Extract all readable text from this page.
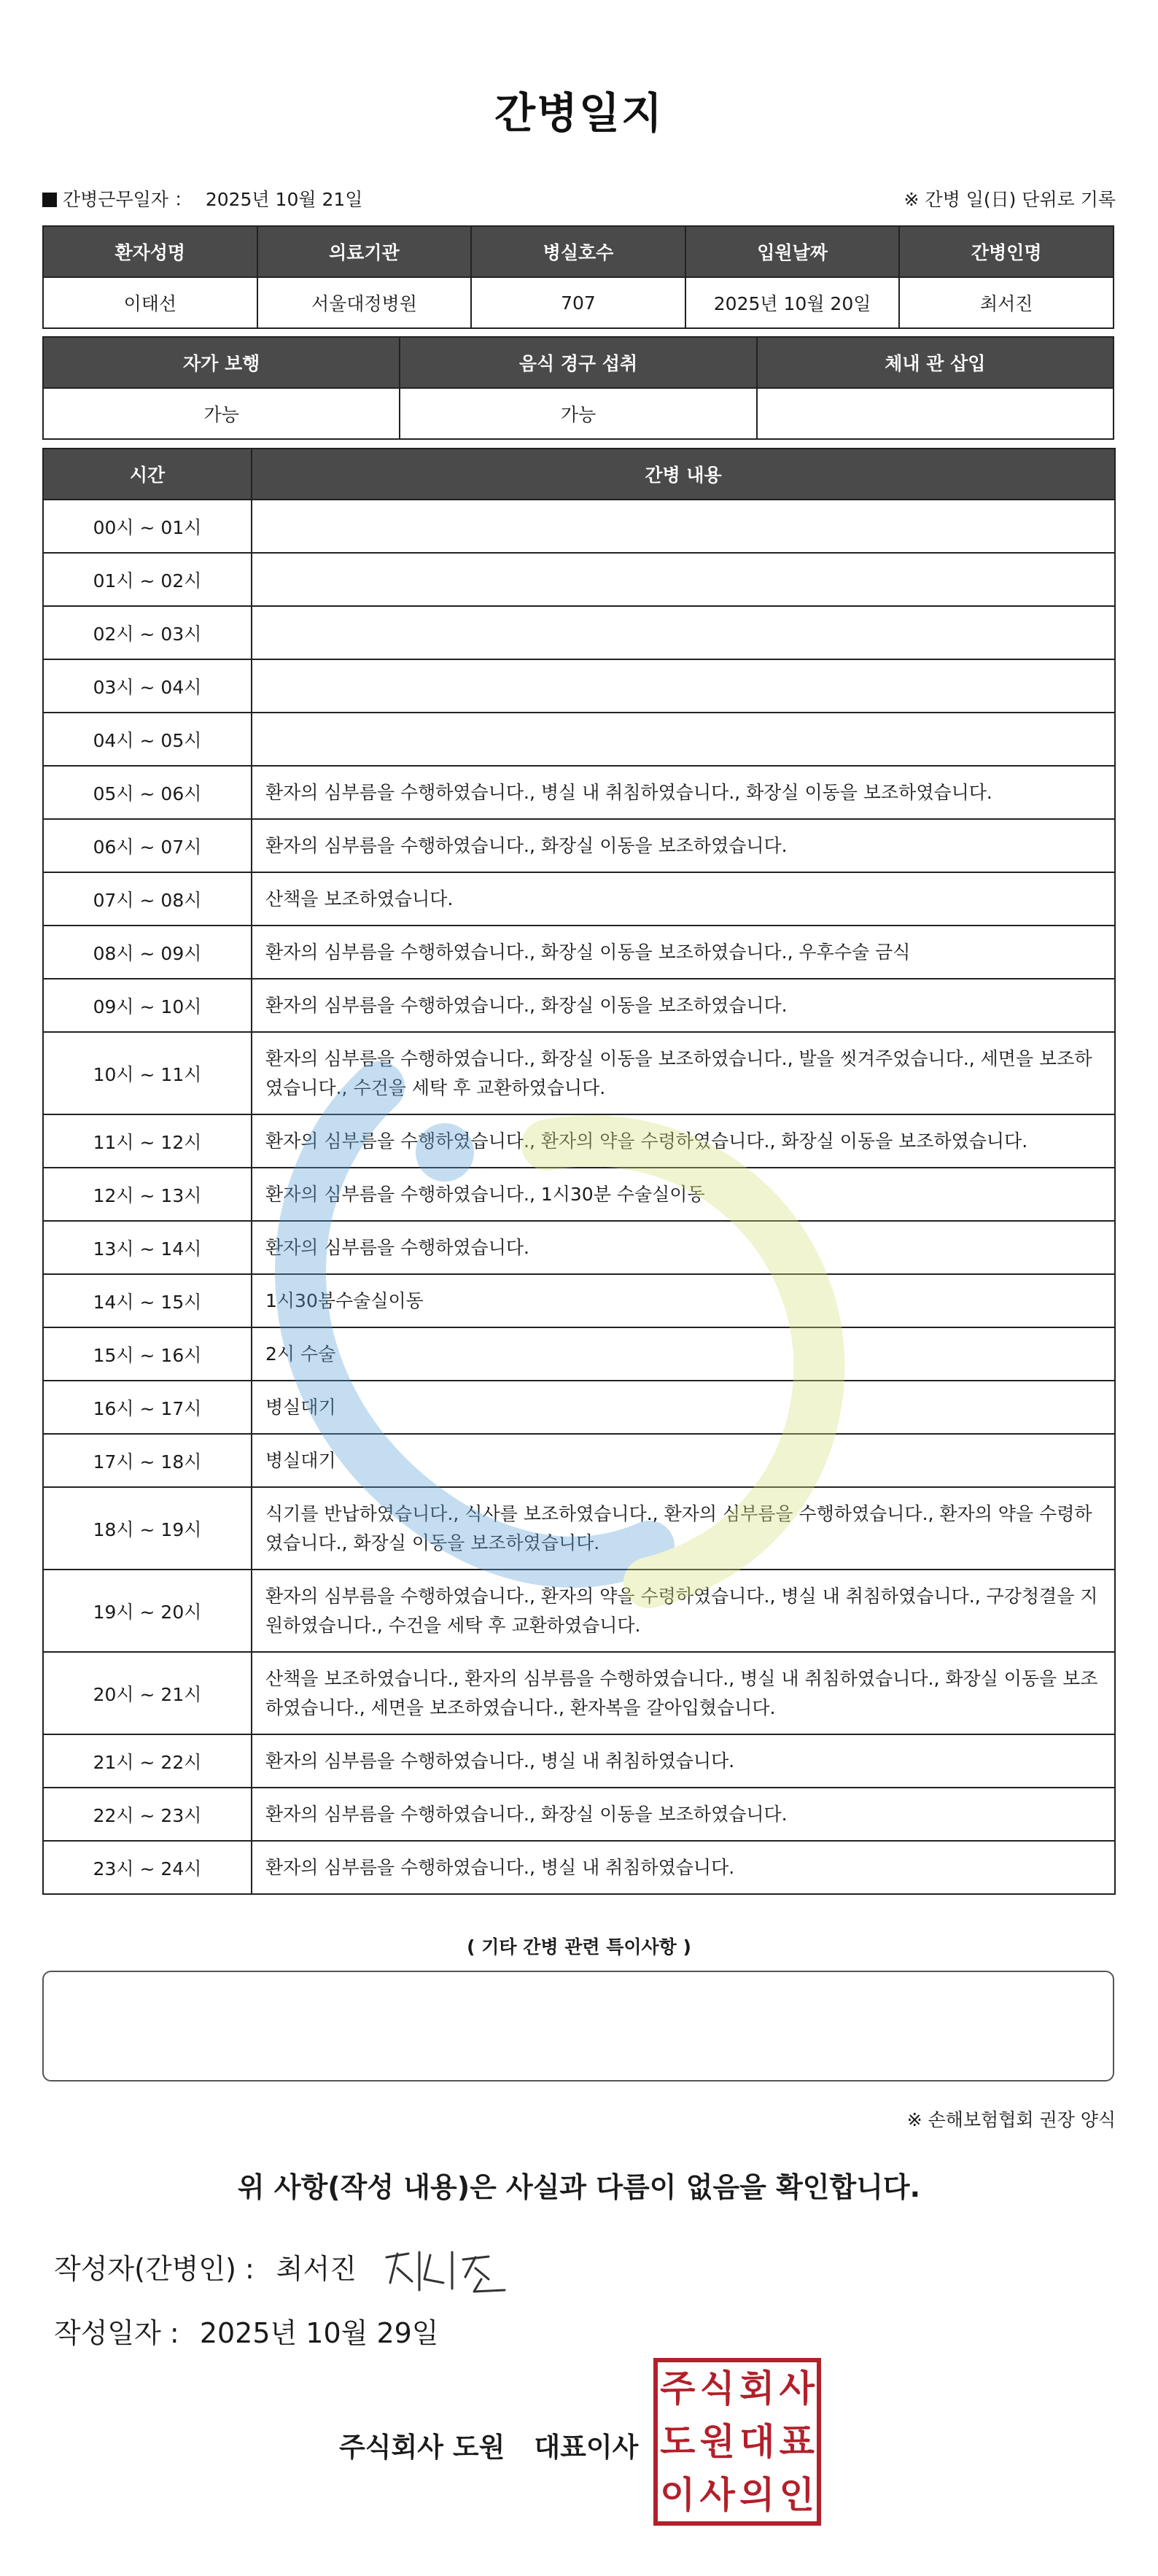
간병일지
간병근무일자 ： 2025년 10월 21일	※ 간병 일(日) 단위로 기록
환자성명	의료기관	병실호수	입원날짜	간병인명
이태선	서울대정병원	707	2025년 10월 20일	최서진
자가 보행	음식 경구 섭취	체내 관 삽입
가능	가능	
시간	간병 내용
00시 ~ 01시	
01시 ~ 02시	
02시 ~ 03시	
03시 ~ 04시	
04시 ~ 05시	
05시 ~ 06시	환자의 심부름을 수행하였습니다., 병실 내 취침하였습니다., 화장실 이동을 보조하였습니다.
06시 ~ 07시	환자의 심부름을 수행하였습니다., 화장실 이동을 보조하였습니다.
07시 ~ 08시	산책을 보조하였습니다.
08시 ~ 09시	환자의 심부름을 수행하였습니다., 화장실 이동을 보조하였습니다., 우후수술 금식
09시 ~ 10시	환자의 심부름을 수행하였습니다., 화장실 이동을 보조하였습니다.
10시 ~ 11시	환자의 심부름을 수행하였습니다., 화장실 이동을 보조하였습니다., 발을 씻겨주었습니다., 세면을 보조하였습니다., 수건을 세탁 후 교환하였습니다.
11시 ~ 12시	환자의 심부름을 수행하였습니다., 환자의 약을 수령하였습니다., 화장실 이동을 보조하였습니다.
12시 ~ 13시	환자의 심부름을 수행하였습니다., 1시30분 수술실이동
13시 ~ 14시	환자의 심부름을 수행하였습니다.
14시 ~ 15시	1시30붐수술실이동
15시 ~ 16시	2시 수술
16시 ~ 17시	병실대기
17시 ~ 18시	병실대기
18시 ~ 19시	식기를 반납하였습니다., 식사를 보조하였습니다., 환자의 심부름을 수행하였습니다., 환자의 약을 수령하였습니다., 화장실 이동을 보조하였습니다.
19시 ~ 20시	환자의 심부름을 수행하였습니다., 환자의 약을 수령하였습니다., 병실 내 취침하였습니다., 구강청결을 지원하였습니다., 수건을 세탁 후 교환하였습니다.
20시 ~ 21시	산책을 보조하였습니다., 환자의 심부름을 수행하였습니다., 병실 내 취침하였습니다., 화장실 이동을 보조하였습니다., 세면을 보조하였습니다., 환자복을 갈아입혔습니다.
21시 ~ 22시	환자의 심부름을 수행하였습니다., 병실 내 취침하였습니다.
22시 ~ 23시	환자의 심부름을 수행하였습니다., 화장실 이동을 보조하였습니다.
23시 ~ 24시	환자의 심부름을 수행하였습니다., 병실 내 취침하였습니다.
( 기타 간병 관련 특이사항 )
※ 손해보험협회 권장 양식
위 사항(작성 내용)은 사실과 다름이 없음을 확인합니다.
작성자(간병인) : 최서진
작성일자 : 2025년 10월 29일
주식회사 도원 대표이사
주 식 회 사
도 원 대 표
이 사 의 인
